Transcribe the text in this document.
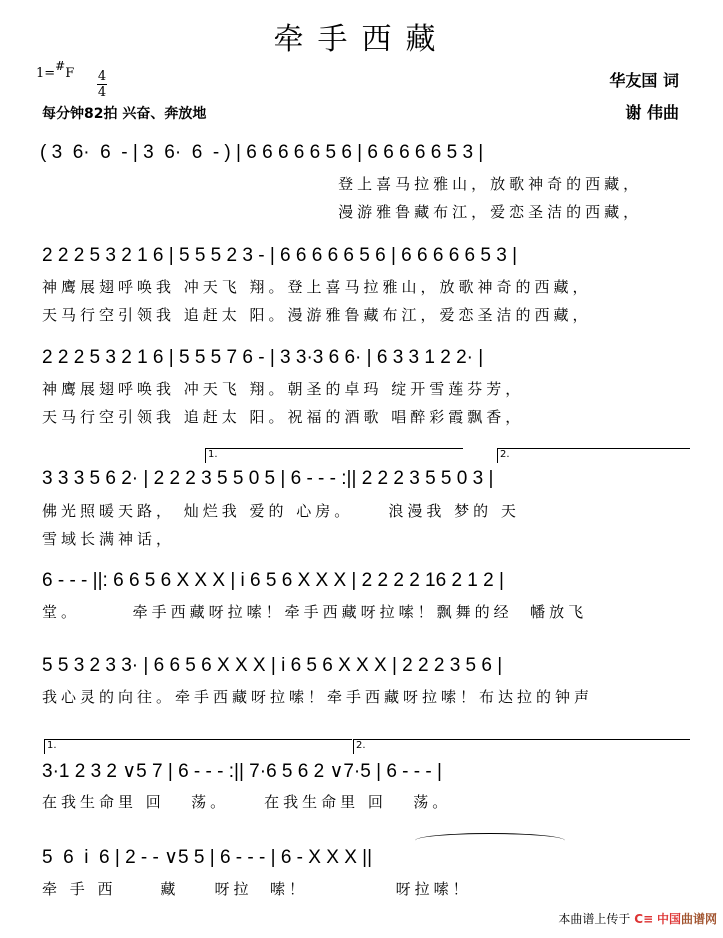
牵手西藏
1=#F 4
4
每分钟82拍 兴奋、奔放地
华友国 词
谢 伟曲
( 3  6·  6  - | 3  6·  6  - ) | 6 6 6 6 6 5 6 | 6 6 6 6 6 5 3 |
登上喜马拉雅山，放歌神奇的西藏，
漫游雅鲁藏布江，爱恋圣洁的西藏，
2 2 2 5 3 2 1 6 | 5 5 5 2 3 - | 6 6 6 6 6 5 6 | 6 6 6 6 6 5 3 |
神鹰展翅呼唤我 冲天飞 翔。登上喜马拉雅山，放歌神奇的西藏，
天马行空引领我 追赶太 阳。漫游雅鲁藏布江，爱恋圣洁的西藏，
2 2 2 5 3 2 1 6 | 5 5 5 7 6 - | 3 3·3 6 6· | 6 3 3 1 2 2· |
神鹰展翅呼唤我 冲天飞 翔。朝圣的卓玛 绽开雪莲芬芳，
天马行空引领我 追赶太 阳。祝福的酒歌 唱醉彩霞飘香，
1.	2.
3 3 3 5 6 2· | 2 2 2 3 5 5 0 5 | 6 - - - :|| 2 2 2 3 5 5 0 3 |
佛光照暖天路， 灿烂我 爱的 心房。    浪漫我 梦的 天
雪域长满神话，
6 - - - ||: 6 6 5 6 X X X | i 6 5 6 X X X | 2 2 2 2 16 2 1 2 |
堂。      牵手西藏呀拉嗦！牵手西藏呀拉嗦！飘舞的经  幡放飞
5 5 3 2 3 3· | 6 6 5 6 X X X | i 6 5 6 X X X | 2 2 2 3 5 6 |
我心灵的向往。牵手西藏呀拉嗦！牵手西藏呀拉嗦！布达拉的钟声
1.	2.
3·1 2 3 2 ∨5 7 | 6 - - - :|| 7·6 5 6 2 ∨7·5 | 6 - - - |
在我生命里 回   荡。    在我生命里 回   荡。
5  6  i  6 | 2 - - ∨5 5 | 6 - - - | 6 - X X X ||
牵 手 西     藏    呀拉  嗦！          呀拉嗦！
本曲谱上传于 C≡ 中国曲谱网
